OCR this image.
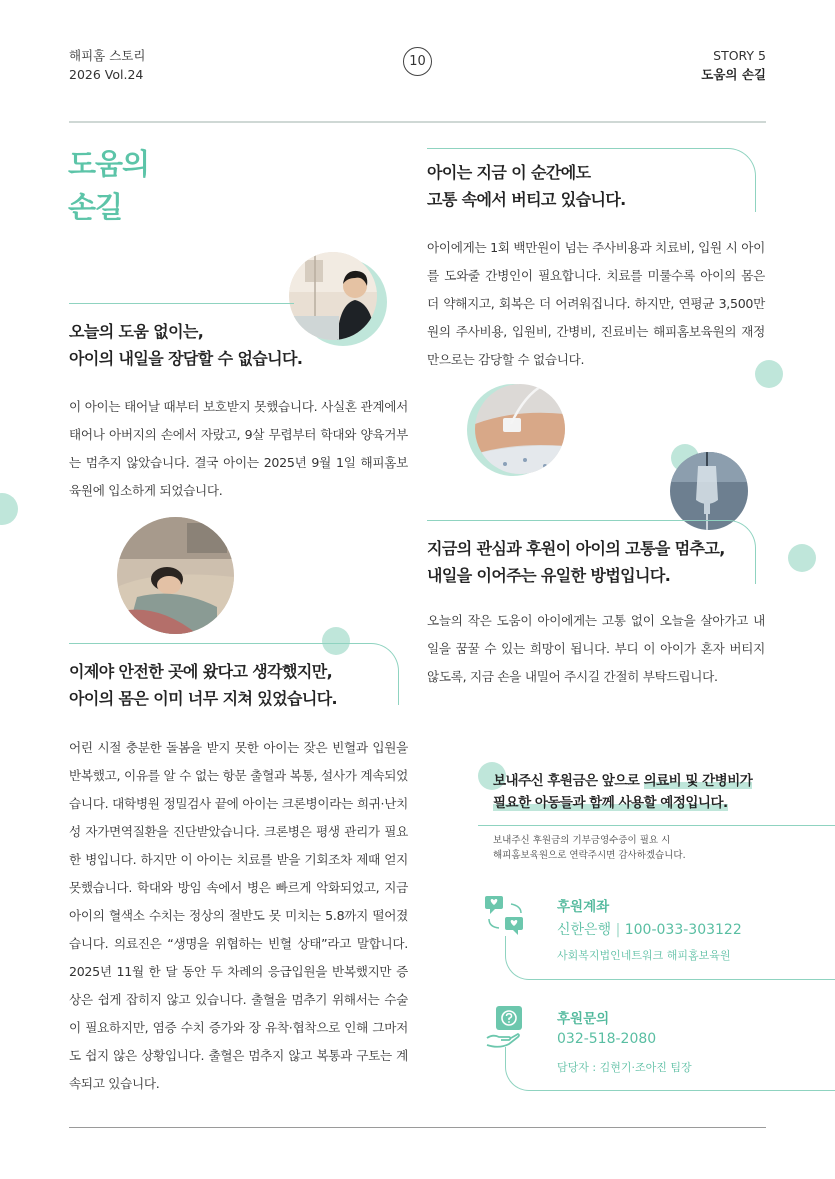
해피홈 스토리
2026 Vol.24
10	STORY 5
도움의 손길
도움의
손길
오늘의 도움 없이는,
아이의 내일을 장담할 수 없습니다.
이 아이는 태어날 때부터 보호받지 못했습니다. 사실혼 관계에서 태어나 아버지의 손에서 자랐고, 9살 무렵부터 학대와 양육거부는 멈추지 않았습니다. 결국 아이는 2025년 9월 1일 해피홈보육원에 입소하게 되었습니다.
이제야 안전한 곳에 왔다고 생각했지만,
아이의 몸은 이미 너무 지쳐 있었습니다.
어린 시절 충분한 돌봄을 받지 못한 아이는 잦은 빈혈과 입원을 반복했고, 이유를 알 수 없는 항문 출혈과 복통, 설사가 계속되었습니다. 대학병원 정밀검사 끝에 아이는 크론병이라는 희귀·난치성 자가면역질환을 진단받았습니다. 크론병은 평생 관리가 필요한 병입니다. 하지만 이 아이는 치료를 받을 기회조차 제때 얻지 못했습니다. 학대와 방임 속에서 병은 빠르게 악화되었고, 지금 아이의 혈색소 수치는 정상의 절반도 못 미치는 5.8까지 떨어졌습니다. 의료진은 “생명을 위협하는 빈혈 상태”라고 말합니다. 2025년 11월 한 달 동안 두 차례의 응급입원을 반복했지만 증상은 쉽게 잡히지 않고 있습니다. 출혈을 멈추기 위해서는 수술이 필요하지만, 염증 수치 증가와 장 유착·협착으로 인해 그마저도 쉽지 않은 상황입니다. 출혈은 멈추지 않고 복통과 구토는 계속되고 있습니다.
아이는 지금 이 순간에도
고통 속에서 버티고 있습니다.
아이에게는 1회 백만원이 넘는 주사비용과 치료비, 입원 시 아이를 도와줄 간병인이 필요합니다. 치료를 미룰수록 아이의 몸은 더 약해지고, 회복은 더 어려워집니다. 하지만, 연평균 3,500만원의 주사비용, 입원비, 간병비, 진료비는 해피홈보육원의 재정만으로는 감당할 수 없습니다.
지금의 관심과 후원이 아이의 고통을 멈추고,
내일을 이어주는 유일한 방법입니다.
오늘의 작은 도움이 아이에게는 고통 없이 오늘을 살아가고 내일을 꿈꿀 수 있는 희망이 됩니다. 부디 이 아이가 혼자 버티지 않도록, 지금 손을 내밀어 주시길 간절히 부탁드립니다.
보내주신 후원금은 앞으로 의료비 및 간병비가
필요한 아동들과 함께 사용할 예정입니다.
보내주신 후원금의 기부금영수증이 필요 시
해피홈보육원으로 연락주시면 감사하겠습니다.
후원계좌
신한은행 | 100-033-303122
사회복지법인네트워크 해피홈보육원
후원문의
032-518-2080
담당자 : 김현기·조아진 팀장
